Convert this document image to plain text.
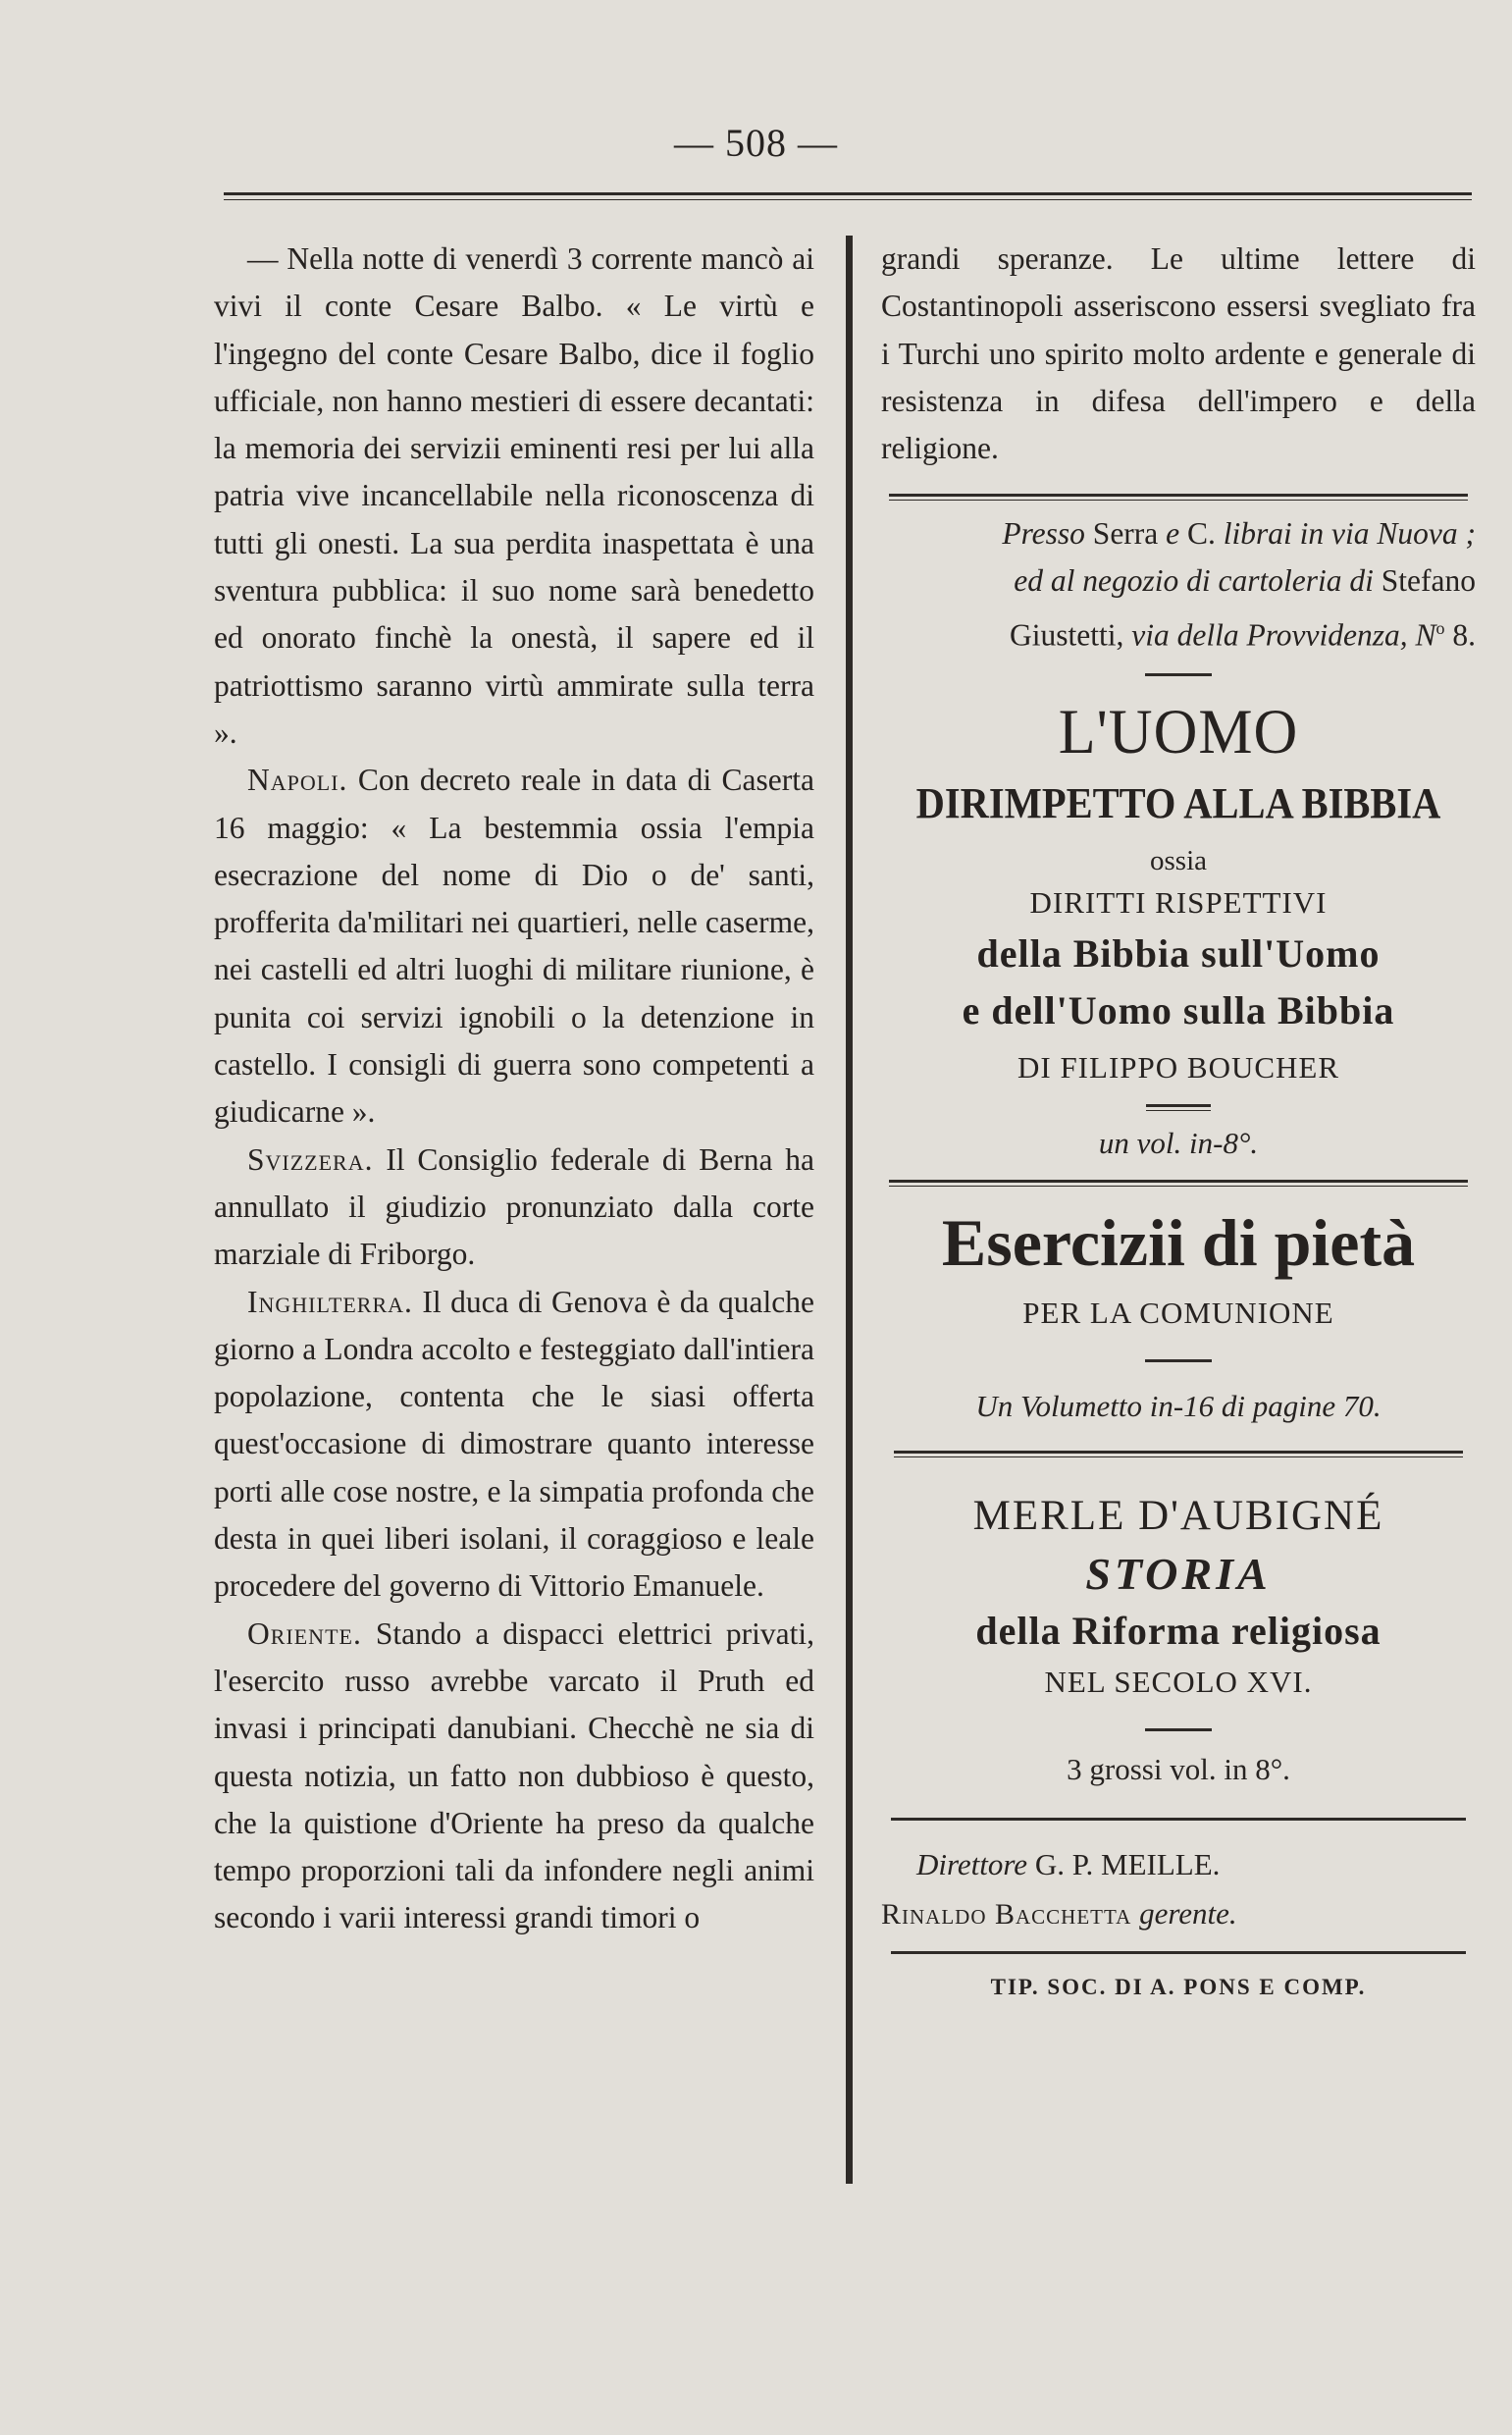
— 508 —

— Nella notte di venerdì 3 corrente mancò ai vivi il conte Cesare Balbo. « Le virtù e l'ingegno del conte Cesare Balbo, dice il foglio ufficiale, non hanno mestieri di essere decantati: la memoria dei servizii eminenti resi per lui alla patria vive incancellabile nella riconoscenza di tutti gli onesti. La sua perdita inaspettata è una sventura pubblica: il suo nome sarà benedetto ed onorato finchè la onestà, il sapere ed il patriottismo saranno virtù ammirate sulla terra ».

Napoli. Con decreto reale in data di Caserta 16 maggio: « La bestemmia ossia l'empia esecrazione del nome di Dio o de' santi, profferita da'militari nei quartieri, nelle caserme, nei castelli ed altri luoghi di militare riunione, è punita coi servizi ignobili o la detenzione in castello. I consigli di guerra sono competenti a giudicarne ».

Svizzera. Il Consiglio federale di Berna ha annullato il giudizio pronunziato dalla corte marziale di Friborgo.

Inghilterra. Il duca di Genova è da qualche giorno a Londra accolto e festeggiato dall'intiera popolazione, contenta che le siasi offerta quest'occasione di dimostrare quanto interesse porti alle cose nostre, e la simpatia profonda che desta in quei liberi isolani, il coraggioso e leale procedere del governo di Vittorio Emanuele.

Oriente. Stando a dispacci elettrici privati, l'esercito russo avrebbe varcato il Pruth ed invasi i principati danubiani. Checchè ne sia di questa notizia, un fatto non dubbioso è questo, che la quistione d'Oriente ha preso da qualche tempo proporzioni tali da infondere negli animi secondo i varii interessi grandi timori o

grandi speranze. Le ultime lettere di Costantinopoli asseriscono essersi svegliato fra i Turchi uno spirito molto ardente e generale di resistenza in difesa dell'impero e della religione.

Presso Serra e C. librai in via Nuova ;
ed al negozio di cartoleria di Stefano
Giustetti, via della Provvidenza, $N^o$ 8.

L'UOMO
DIRIMPETTO ALLA BIBBIA
ossia
DIRITTI RISPETTIVI
della Bibbia sull'Uomo
e dell'Uomo sulla Bibbia
DI FILIPPO BOUCHER
un vol. in-8°.
Esercizii di pietà
PER LA COMUNIONE
Un Volumetto in-16 di pagine 70.
MERLE D'AUBIGNÉ
STORIA
della Riforma religiosa
NEL SECOLO XVI.
3 grossi vol. in 8°.
Direttore G. P. MEILLE.
Rinaldo Bacchetta gerente.
TIP. SOC. DI A. PONS E COMP.
